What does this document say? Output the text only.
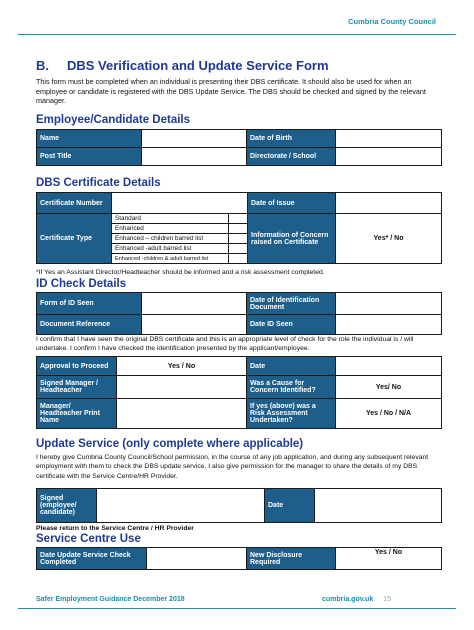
Cumbria County Council
B. DBS Verification and Update Service Form
This form must be completed when an individual is presenting their DBS certificate. It should also be used for when an employee or candidate is registered with the DBS Update Service. The DBS should be checked and signed by the relevant manager.
Employee/Candidate Details
Name		Date of Birth	
Post Title		Directorate / School	
DBS Certificate Details
Certificate Number			Date of Issue	
Certificate Type	Standard		Information of Concern raised on Certificate	Yes* / No
	Enhanced			
	Enhanced – children barred list			
	Enhanced -adult barred list			
	Enhanced -children & adult barred list			
*If Yes an Assistant Director/Headteacher should be informed and a risk assessment completed.
ID Check Details
Form of ID Seen		Date of Identification Document	
Document Reference		Date ID Seen	
I confirm that I have seen the original DBS certificate and this is an appropriate level of check for the role the individual is / will undertake. I confirm I have checked the identification presented by the applicant/employee.
Approval to Proceed	Yes / No	Date	
Signed Manager / Headteacher		Was a Cause for Concern Identified?	Yes/ No
Manager/ Headteacher Print Name		If yes (above) was a Risk Assessment Undertaken?	Yes / No / N/A
Update Service (only complete where applicable)
I hereby give Cumbria County Council/School permission, in the course of any job application, and during any subsequent relevant employment with them to check the DBS update service. I also give permission for the manager to share the details of my DBS certificate with the Service Centre/HR Provider.
Signed (employee/ candidate)		Date	
Please return to the Service Centre / HR Provider
Service Centre Use
Date Update Service Check Completed		New Disclosure Required	Yes / No
Safer Employment Guidance December 2018	cumbria.gov.uk 15
